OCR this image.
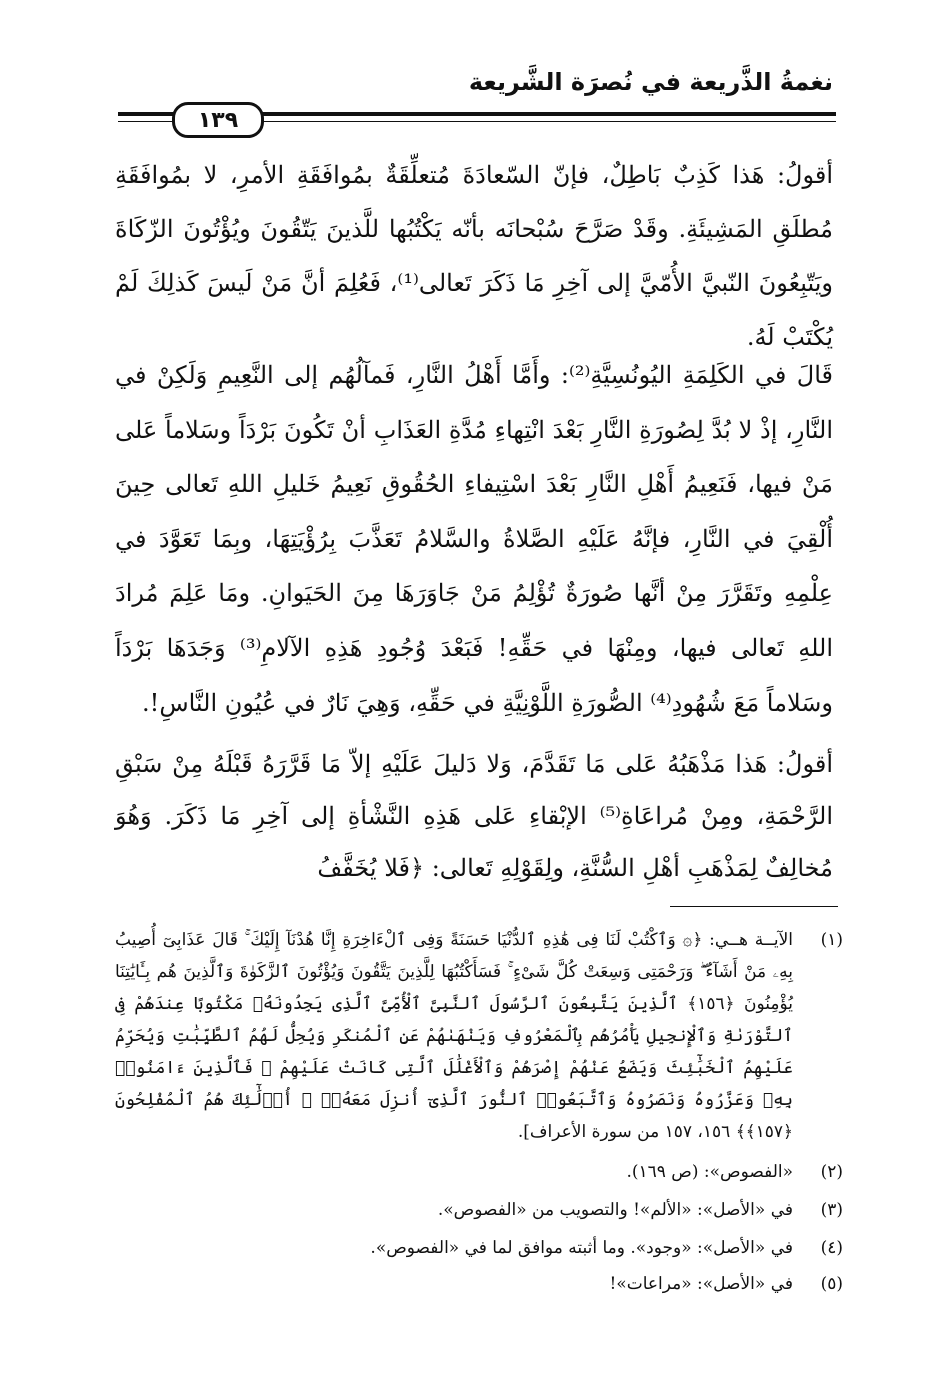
نغمةُ الذَّريعة في نُصرَة الشَّريعة
١٣٩

أقولُ: هَذا كَذِبٌ بَاطِلٌ، فإنّ السّعادَةَ مُتعلِّقَةٌ بمُوافَقَةِ الأمرِ، لا بمُوافَقَةِ مُطلَقِ المَشِيئَةِ. وقَدْ صَرَّحَ سُبْحانَه بأنّه يَكْتُبُها للَّذينَ يَتّقُونَ ويُؤْتُونَ الزّكَاةَ ويَتّبِعُونَ النّبيَّ الأُمّيَّ إلى آخِرِ مَا ذَكَرَ تَعالى⁽¹⁾، فَعُلِمَ أنَّ مَنْ لَيسَ كَذلِكَ لَمْ يُكْتَبْ لَهُ.

قَالَ في الكَلِمَةِ اليُونُسِيَّةِ⁽²⁾: وأَمَّا أَهْلُ النَّارِ، فَمآلُهُم إلى النَّعِيمِ وَلَكِنْ في النَّارِ، إذْ لا بُدَّ لِصُورَةِ النَّارِ بَعْدَ انْتِهاءِ مُدَّةِ العَذَابِ أنْ تَكُونَ بَرْدَاً وسَلاماً عَلى مَنْ فيها، فَنَعِيمُ أَهْلِ النَّارِ بَعْدَ اسْتِيفاءِ الحُقُوقِ نَعِيمُ خَليلِ اللهِ تَعالى حِينَ أُلْقِيَ في النَّارِ، فإنَّهُ عَلَيْهِ الصَّلاةُ والسَّلامُ تَعَذَّبَ بِرُؤْيَتِهَا، وبِمَا تَعَوَّدَ في عِلْمِهِ وتَقَرَّرَ مِنْ أنَّها صُورَةٌ تُؤْلِمُ مَنْ جَاوَرَهَا مِنَ الحَيَوانِ. ومَا عَلِمَ مُرادَ اللهِ تَعالى فيها، ومِنْهَا في حَقِّهِ! فَبَعْدَ وُجُودِ هَذِهِ الآلامِ⁽³⁾ وَجَدَهَا بَرْدَاً وسَلاماً مَعَ شُهُودِ⁽⁴⁾ الصُّورَةِ اللَّوْنِيَّةِ في حَقِّهِ، وَهِيَ نَارٌ في عُيُونِ النَّاسِ!.

أقولُ: هَذا مَذْهَبُهُ عَلى مَا تَقَدَّمَ، وَلا دَليلَ عَلَيْهِ إلاّ مَا قَرَّرَهُ قَبْلَهُ مِنْ سَبْقِ الرَّحْمَةِ، ومِنْ مُراعَاةِ⁽⁵⁾ الإبْقاءِ عَلى هَذِهِ النَّشْأةِ إلى آخِرِ مَا ذَكَرَ. وَهُوَ مُخالِفٌ لِمَذْهَبِ أهْلِ السُّنَّةِ، ولِقَوْلِهِ تَعالى: ﴿فَلا يُخَفَّفُ

(١)
الآيــة هــي: ﴿۞ وَٱكْتُبْ لَنَا فِى هَٰذِهِ ٱلدُّنْيَا حَسَنَةً وَفِى ٱلْءَاخِرَةِ إِنَّا هُدْنَآ إِلَيْكَ ۚ قَالَ عَذَابِىٓ أُصِيبُ بِهِۦ مَنْ أَشَآءُ ۖ وَرَحْمَتِى وَسِعَتْ كُلَّ شَىْءٍ ۚ فَسَأَكْتُبُهَا لِلَّذِينَ يَتَّقُونَ وَيُؤْتُونَ ٱلزَّكَوٰةَ وَٱلَّذِينَ هُم بِـَٔايَٰتِنَا يُؤْمِنُونَ ﴿١٥٦﴾ ٱلَّذِينَ يَتَّبِعُونَ ٱلرَّسُولَ ٱلنَّبِىَّ ٱلْأُمِّىَّ ٱلَّذِى يَجِدُونَهُۥ مَكْتُوبًا عِندَهُمْ فِى ٱلتَّوْرَىٰةِ وَٱلْإِنجِيلِ يَأْمُرُهُم بِٱلْمَعْرُوفِ وَيَنْهَىٰهُمْ عَنِ ٱلْمُنكَرِ وَيُحِلُّ لَهُمُ ٱلطَّيِّبَٰتِ وَيُحَرِّمُ عَلَيْهِمُ ٱلْخَبَٰٓئِثَ وَيَضَعُ عَنْهُمْ إِصْرَهُمْ وَٱلْأَغْلَٰلَ ٱلَّتِى كَانَتْ عَلَيْهِمْ ۚ فَٱلَّذِينَ ءَامَنُوا۟ بِهِۦ وَعَزَّرُوهُ وَنَصَرُوهُ وَٱتَّبَعُوا۟ ٱلنُّورَ ٱلَّذِىٓ أُنزِلَ مَعَهُۥٓ ۙ أُو۟لَٰٓئِكَ هُمُ ٱلْمُفْلِحُونَ ﴿١٥٧﴾﴾ ١٥٦، ١٥٧ من سورة الأعراف].
(٢)
«الفصوص»: (ص ١٦٩).
(٣)
في «الأصل»: «الألم»! والتصويب من «الفصوص».
(٤)
في «الأصل»: «وجود». وما أثبته موافق لما في «الفصوص».
(٥)
في «الأصل»: «مراعات»!
